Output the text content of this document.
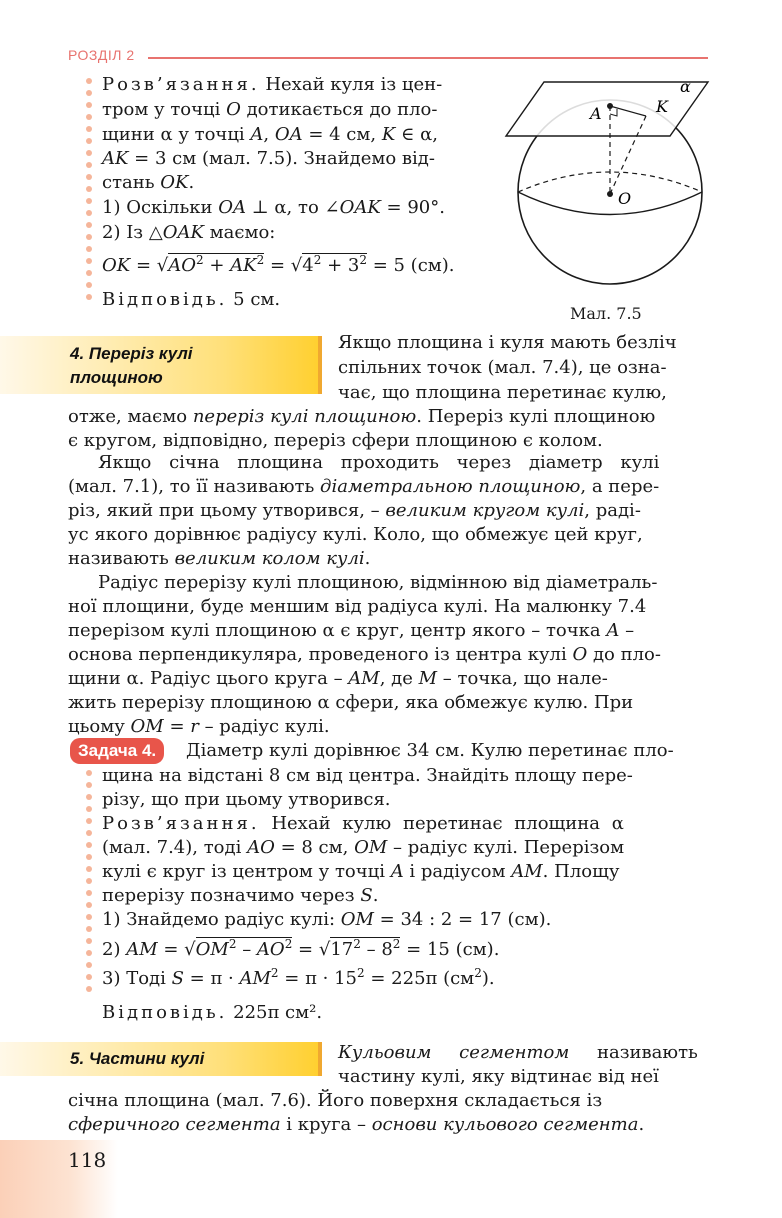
РОЗДІЛ 2
Розв’язання. Нехай куля із цен-
тром у точці O дотикається до пло-
щини α у точці A, OA = 4 см, K ∈ α,
AK = 3 см (мал. 7.5). Знайдемо від-
стань OK.
1) Оскільки OA ⊥ α, то ∠OAK = 90°.
2) Із △OAK маємо:
OK = $√AO^2 + AK^2 = √4^2 + 3^2 = 5$ (см).
Відповідь. 5 см.
α
A	K
O
Мал. 7.5
4. Переріз кулі
площиною
Якщо площина і куля мають безліч
спільних точок (мал. 7.4), це озна-
чає, що площина перетинає кулю,
отже, маємо переріз кулі площиною. Переріз кулі площиною
є кругом, відповідно, переріз сфери площиною є колом.
Якщо січна площина проходить через діаметр кулі
(мал. 7.1), то її називають діаметральною площиною, а пере-
різ, який при цьому утворився, – великим кругом кулі, раді-
ус якого дорівнює радіусу кулі. Коло, що обмежує цей круг,
називають великим колом кулі.
Радіус перерізу кулі площиною, відмінною від діаметраль-
ної площини, буде меншим від радіуса кулі. На малюнку 7.4
перерізом кулі площиною α є круг, центр якого – точка A –
основа перпендикуляра, проведеного із центра кулі O до пло-
щини α. Радіус цього круга – AM, де M – точка, що нале-
жить перерізу площиною α сфери, яка обмежує кулю. При
цьому OM = r – радіус кулі.
Задача 4.	Діаметр кулі дорівнює 34 см. Кулю перетинає пло-
щина на відстані 8 см від центра. Знайдіть площу пере-
різу, що при цьому утворився.
Розв’язання. Нехай кулю перетинає площина α
(мал. 7.4), тоді AO = 8 см, OM – радіус кулі. Перерізом
кулі є круг із центром у точці A і радіусом AM. Площу
перерізу позначимо через S.
1) Знайдемо радіус кулі: OM = 34 : 2 = 17 (см).
2) AM = $√OM^2 - AO^2 = √17^2 - 8^2 = 15$ (см).
3) Тоді $S = \pi \cdot AM^2 = \pi \cdot 15^2 = 225\pi$ $(см^2)$.
Відповідь. 225π см².
5. Частини кулі	Кульовим сегментом називають
частину кулі, яку відтинає від неї
січна площина (мал. 7.6). Його поверхня складається із
сферичного сегмента і круга – основи кульового сегмента.
118
